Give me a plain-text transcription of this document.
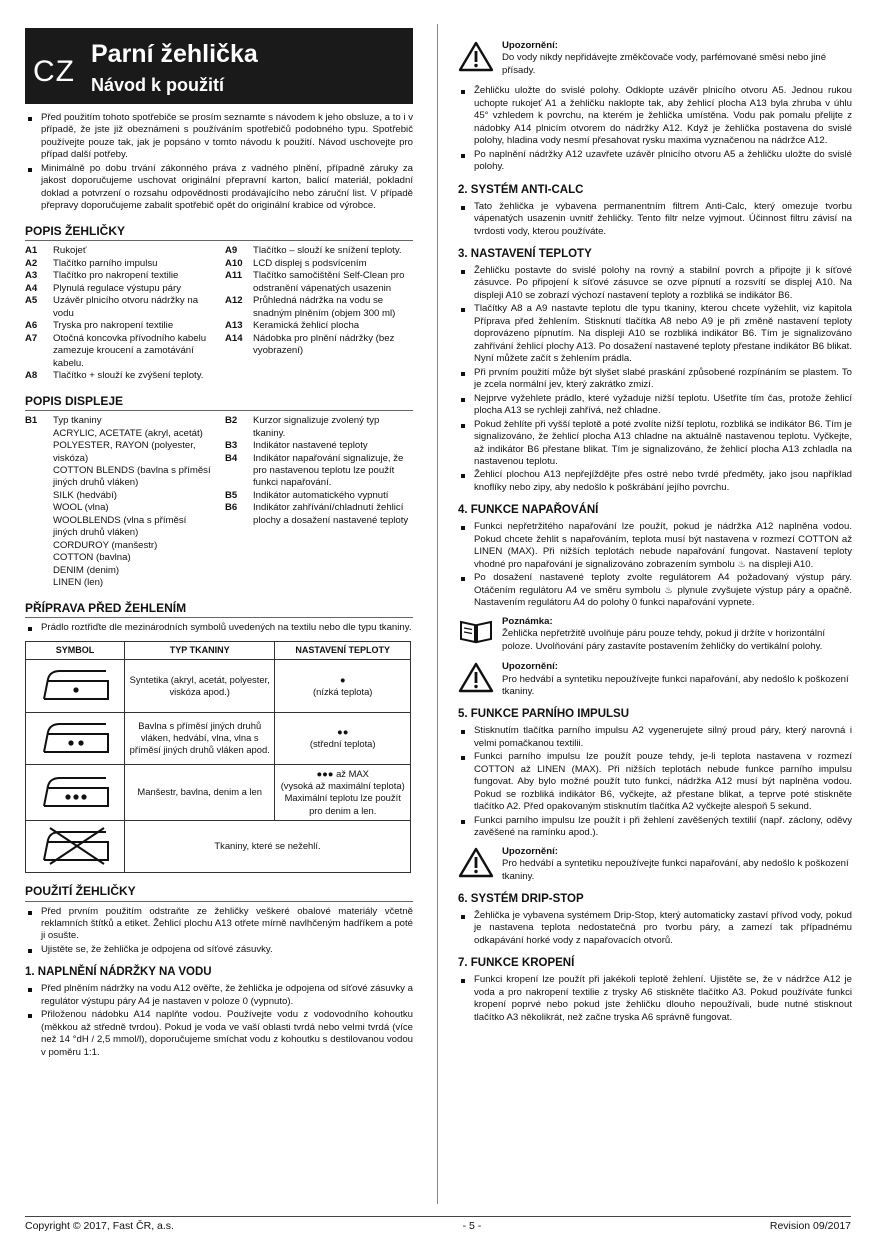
CZ
Parní žehlička
Návod k použití
Před použitím tohoto spotřebiče se prosím seznamte s návodem k jeho obsluze, a to i v případě, že jste již obeznámeni s používáním spotřebičů podobného typu. Spotřebič používejte pouze tak, jak je popsáno v tomto návodu k použití. Návod uschovejte pro případ další potřeby.
Minimálně po dobu trvání zákonného práva z vadného plnění, případně záruky za jakost doporučujeme uschovat originální přepravní karton, balicí materiál, pokladní doklad a potvrzení o rozsahu odpovědnosti prodávajícího nebo záruční list. V případě přepravy doporučujeme zabalit spotřebič opět do originální krabice od výrobce.
POPIS ŽEHLIČKY
A1	Rukojeť
A2	Tlačítko parního impulsu
A3	Tlačítko pro nakropení textilie
A4	Plynulá regulace výstupu páry
A5	Uzávěr plnicího otvoru nádržky na vodu
A6	Tryska pro nakropení textilie
A7	Otočná koncovka přívodního kabelu zamezuje kroucení a zamotávání kabelu.
A8	Tlačítko + slouží ke zvýšení teploty.
A9	Tlačítko – slouží ke snížení teploty.
A10	LCD displej s podsvícením
A11	Tlačítko samočištění Self-Clean pro odstranění vápenatých usazenin
A12	Průhledná nádržka na vodu se snadným plněním (objem 300 ml)
A13	Keramická žehlicí plocha
A14	Nádobka pro plnění nádržky (bez vyobrazení)
POPIS DISPLEJE
B1	Typ tkaniny
ACRYLIC, ACETATE (akryl, acetát)
POLYESTER, RAYON (polyester, viskóza)
COTTON BLENDS (bavlna s příměsí jiných druhů vláken)
SILK (hedvábí)
WOOL (vlna)
WOOLBLENDS (vlna s příměsí jiných druhů vláken)
CORDUROY (manšestr)
COTTON (bavlna)
DENIM (denim)
LINEN (len)
B2	Kurzor signalizuje zvolený typ tkaniny.
B3	Indikátor nastavené teploty
B4	Indikátor napařování signalizuje, že pro nastavenou teplotu lze použít funkci napařování.
B5	Indikátor automatického vypnutí
B6	Indikátor zahřívání/chladnutí žehlicí plochy a dosažení nastavené teploty
PŘÍPRAVA PŘED ŽEHLENÍM
Prádlo roztřiďte dle mezinárodních symbolů uvedených na textilu nebo dle typu tkaniny.
SYMBOL	TYP TKANINY	NASTAVENÍ TEPLOTY
	Syntetika (akryl, acetát, polyester, viskóza apod.)	●
(nízká teplota)

	Bavlna s příměsí jiných druhů vláken, hedvábí, vlna, vlna s příměsí jiných druhů vláken apod.	●●
(střední teplota)

	Manšestr, bavlna, denim a len	●●● až MAX
(vysoká až maximální teplota) Maximální teplotu lze použít pro denim a len.

	Tkaniny, které se nežehlí.	
POUŽITÍ ŽEHLIČKY
Před prvním použitím odstraňte ze žehličky veškeré obalové materiály včetně reklamních štítků a etiket. Žehlicí plochu A13 otřete mírně navlhčeným hadříkem a poté ji osušte.
Ujistěte se, že žehlička je odpojena od síťové zásuvky.
1. NAPLNĚNÍ NÁDRŽKY NA VODU
Před plněním nádržky na vodu A12 ověřte, že žehlička je odpojena od síťové zásuvky a regulátor výstupu páry A4 je nastaven v poloze 0 (vypnuto).
Přiloženou nádobku A14 naplňte vodou. Používejte vodu z vodovodního kohoutku (měkkou až středně tvrdou). Pokud je voda ve vaší oblasti tvrdá nebo velmi tvrdá (více než 14 °dH / 2,5 mmol/l), doporučujeme smíchat vodu z kohoutku s destilovanou vodou v poměru 1:1.
Upozornění:
Do vody nikdy nepřidávejte změkčovače vody, parfémované směsi nebo jiné přísady.
Žehličku uložte do svislé polohy. Odklopte uzávěr plnicího otvoru A5. Jednou rukou uchopte rukojeť A1 a žehličku naklopte tak, aby žehlicí plocha A13 byla zhruba v úhlu 45° vzhledem k povrchu, na kterém je žehlička umístěna. Vodu pak pomalu přelijte z nádobky A14 plnicím otvorem do nádržky A12. Když je žehlička postavena do svislé polohy, hladina vody nesmí přesahovat rysku maxima vyznačenou na nádržce A12.
Po naplnění nádržky A12 uzavřete uzávěr plnicího otvoru A5 a žehličku uložte do svislé polohy.
2. SYSTÉM ANTI-CALC
Tato žehlička je vybavena permanentním filtrem Anti-Calc, který omezuje tvorbu vápenatých usazenin uvnitř žehličky. Tento filtr nelze vyjmout. Účinnost filtru závisí na tvrdosti vody, kterou používáte.
3. NASTAVENÍ TEPLOTY
Žehličku postavte do svislé polohy na rovný a stabilní povrch a připojte ji k síťové zásuvce. Po připojení k síťové zásuvce se ozve pípnutí a rozsvítí se displej A10. Na displeji A10 se zobrazí výchozí nastavení teploty a rozbliká se indikátor B6.
Tlačítky A8 a A9 nastavte teplotu dle typu tkaniny, kterou chcete vyžehlit, viz kapitola Příprava před žehlením. Stisknutí tlačítka A8 nebo A9 je při změně nastavení teploty doprovázeno pípnutím. Na displeji A10 se rozbliká indikátor B6. Tím je signalizováno zahřívání žehlicí plochy A13. Po dosažení nastavené teploty přestane indikátor B6 blikat. Nyní můžete začít s žehlením prádla.
Při prvním použití může být slyšet slabé praskání způsobené rozpínáním se plastem. To je zcela normální jev, který zakrátko zmizí.
Nejprve vyžehlete prádlo, které vyžaduje nižší teplotu. Ušetříte tím čas, protože žehlicí plocha A13 se rychleji zahřívá, než chladne.
Pokud žehlíte při vyšší teplotě a poté zvolíte nižší teplotu, rozbliká se indikátor B6. Tím je signalizováno, že žehlicí plocha A13 chladne na aktuálně nastavenou teplotu. Vyčkejte, až indikátor B6 přestane blikat. Tím je signalizováno, že žehlicí plocha A13 zchladla na nastavenou teplotu.
Žehlicí plochou A13 nepřejíždějte přes ostré nebo tvrdé předměty, jako jsou například knoflíky nebo zipy, aby nedošlo k poškrábání jejího povrchu.
4. FUNKCE NAPAŘOVÁNÍ
Funkci nepřetržitého napařování lze použít, pokud je nádržka A12 naplněna vodou. Pokud chcete žehlit s napařováním, teplota musí být nastavena v rozmezí COTTON až LINEN (MAX). Při nižších teplotách nebude napařování fungovat. Nastavení teploty vhodné pro napařování je signalizováno zobrazením symbolu ♨ na displeji A10.
Po dosažení nastavené teploty zvolte regulátorem A4 požadovaný výstup páry. Otáčením regulátoru A4 ve směru symbolu ♨ plynule zvyšujete výstup páry a opačně. Nastavením regulátoru A4 do polohy 0 funkci napařování vypnete.
Poznámka:
Žehlička nepřetržitě uvolňuje páru pouze tehdy, pokud ji držíte v horizontální poloze. Uvolňování páry zastavíte postavením žehličky do vertikální polohy.
Upozornění:
Pro hedvábí a syntetiku nepoužívejte funkci napařování, aby nedošlo k poškození tkaniny.
5. FUNKCE PARNÍHO IMPULSU
Stisknutím tlačítka parního impulsu A2 vygenerujete silný proud páry, který narovná i velmi pomačkanou textilii.
Funkci parního impulsu lze použít pouze tehdy, je-li teplota nastavena v rozmezí COTTON až LINEN (MAX). Při nižších teplotách nebude funkce parního impulsu fungovat. Aby bylo možné použít tuto funkci, nádržka A12 musí být naplněna vodou. Pokud se rozbliká indikátor B6, vyčkejte, až přestane blikat, a teprve poté stiskněte tlačítko A2. Před opakovaným stisknutím tlačítka A2 vyčkejte alespoň 5 sekund.
Funkci parního impulsu lze použít i při žehlení zavěšených textilií (např. záclony, oděvy zavěšené na ramínku apod.).
Upozornění:
Pro hedvábí a syntetiku nepoužívejte funkci napařování, aby nedošlo k poškození tkaniny.
6. SYSTÉM DRIP-STOP
Žehlička je vybavena systémem Drip-Stop, který automaticky zastaví přívod vody, pokud je nastavena teplota nedostatečná pro tvorbu páry, a zamezí tak případnému odkapávání horké vody z napařovacích otvorů.
7. FUNKCE KROPENÍ
Funkci kropení lze použít při jakékoli teplotě žehlení. Ujistěte se, že v nádržce A12 je voda a pro nakropení textilie z trysky A6 stiskněte tlačítko A3. Pokud používáte funkci kropení poprvé nebo pokud jste žehličku dlouho nepoužívali, bude nutné stisknout tlačítko A3 několikrát, než začne tryska A6 správně fungovat.
Copyright © 2017, Fast ČR, a.s.	- 5 -	Revision 09/2017
